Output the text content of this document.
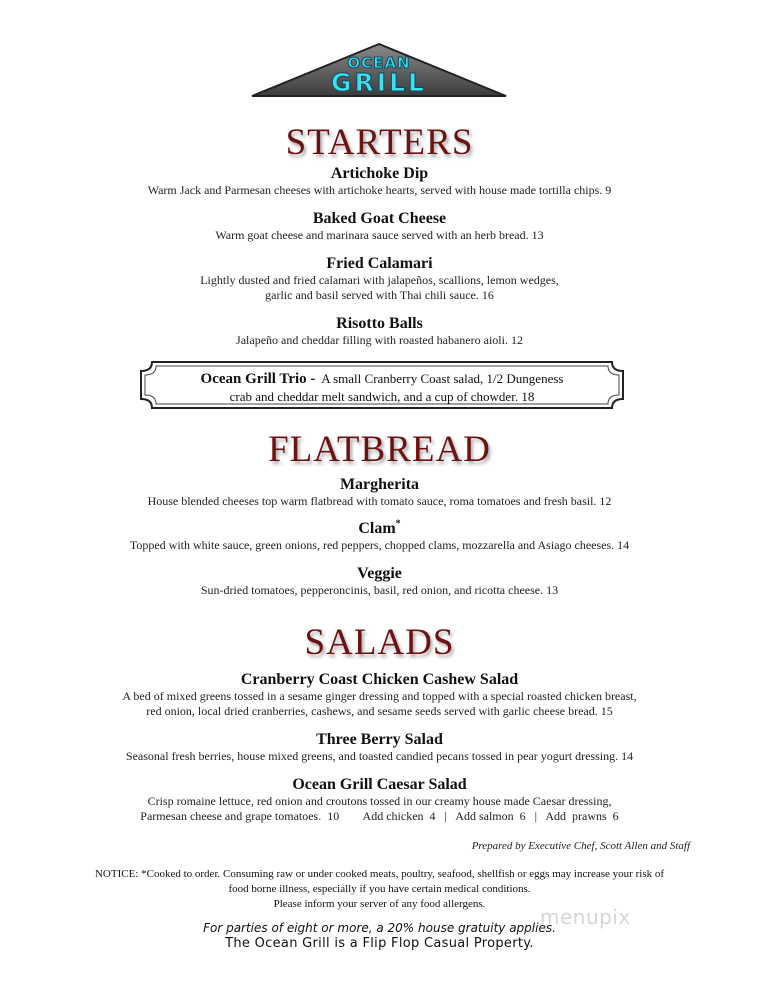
OCEAN
GRILL
STARTERS
Artichoke Dip
Warm Jack and Parmesan cheeses with artichoke hearts, served with house made tortilla chips. 9
Baked Goat Cheese
Warm goat cheese and marinara sauce served with an herb bread. 13
Fried Calamari
Lightly dusted and fried calamari with jalapeños, scallions, lemon wedges,
garlic and basil served with Thai chili sauce. 16
Risotto Balls
Jalapeño and cheddar filling with roasted habanero aioli. 12
Ocean Grill Trio - A small Cranberry Coast salad, 1/2 Dungeness
crab and cheddar melt sandwich, and a cup of chowder. 18
FLATBREAD
Margherita
House blended cheeses top warm flatbread with tomato sauce, roma tomatoes and fresh basil. 12
Clam*
Topped with white sauce, green onions, red peppers, chopped clams, mozzarella and Asiago cheeses. 14
Veggie
Sun-dried tomatoes, pepperoncinis, basil, red onion, and ricotta cheese. 13
SALADS
Cranberry Coast Chicken Cashew Salad
A bed of mixed greens tossed in a sesame ginger dressing and topped with a special roasted chicken breast,
red onion, local dried cranberries, cashews, and sesame seeds served with garlic cheese bread. 15
Three Berry Salad
Seasonal fresh berries, house mixed greens, and toasted candied pecans tossed in pear yogurt dressing. 14
Ocean Grill Caesar Salad
Crisp romaine lettuce, red onion and croutons tossed in our creamy house made Caesar dressing,
Parmesan cheese and grape tomatoes.  10        Add chicken  4   |   Add salmon  6   |   Add  prawns  6
Prepared by Executive Chef, Scott Allen and Staff
NOTICE: *Cooked to order. Consuming raw or under cooked meats, poultry, seafood, shellfish or eggs may increase your risk of
food borne illness, especially if you have certain medical conditions.
Please inform your server of any food allergens.
menupix
For parties of eight or more, a 20% house gratuity applies.
The Ocean Grill is a Flip Flop Casual Property.
